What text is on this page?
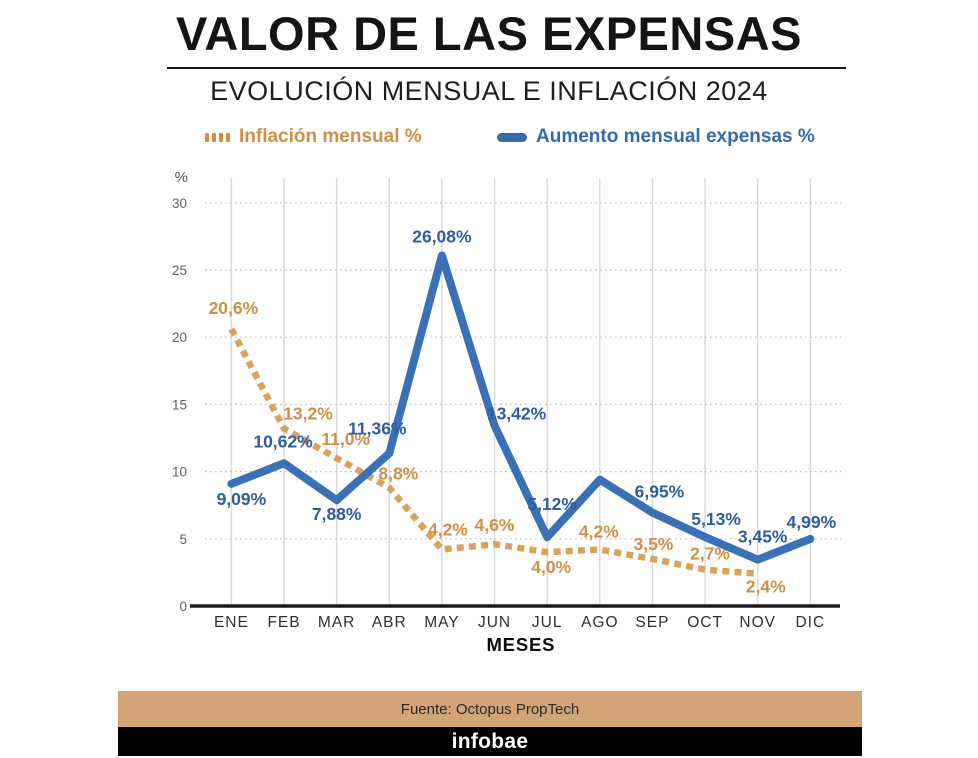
0
5
10
15
20
25
30
%
ENE FEB MAR ABR MAY JUN JUL AGO SEP OCT NOV DIC
MESES
20,6%
13,2%
11,0%
8,8%
4,2% 4,6%
4,0%
4,2%
3,5% 2,7%
2,4%
9,09%
10,62%
7,88%
11,36%
26,08%
13,42%
5,12%
6,95%
5,13%
3,45%
4,99%
VALOR DE LAS EXPENSAS
EVOLUCIÓN MENSUAL E INFLACIÓN 2024
Inflación mensual %	Aumento mensual expensas %
Fuente: Octopus PropTech
infobae
